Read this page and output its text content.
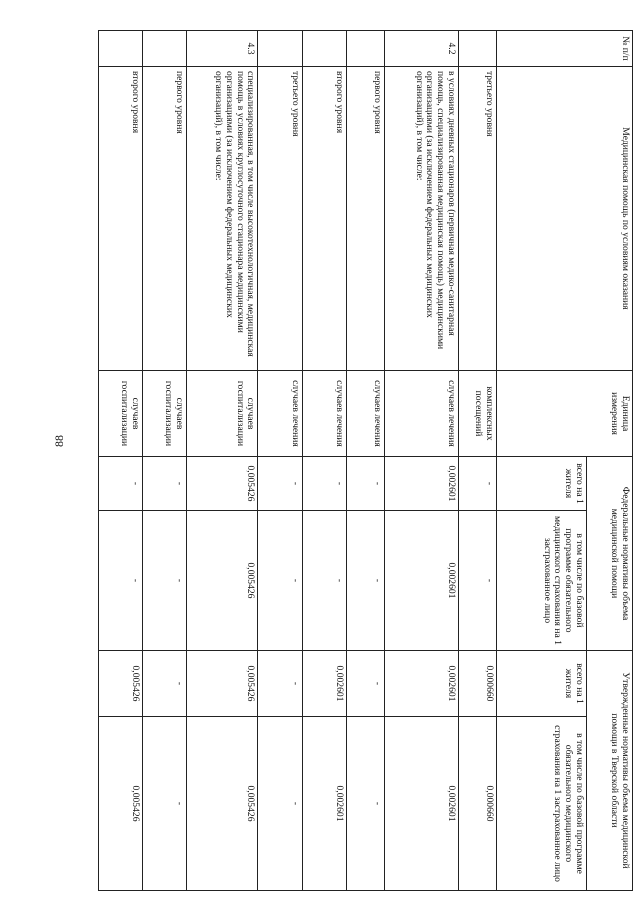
88
№ п/п	Медицинская помощь по условиям оказания	Единица измерения	Федеральные нормативы объема медицинской помощи		Утвержденные нормативы объема медицинской помощи в Тверской области	
			всего на 1 жителя	в том числе по базовой программе обязательного медицинского страхования на 1 застрахованное лицо	всего на 1 жителя	в том числе по базовой программе обязательного медицинского страхования на 1 застрахованное лицо
	третьего уровня	комплексных посещений	-	-	0,000660	0,000660
4.2	в условиях дневных стационаров (первичная медико-санитарная помощь, специализированная медицинская помощь) медицинскими организациями (за исключением федеральных медицинских организаций), в том числе:	случаев лечения	0,002601	0,002601	0,002601	0,002601
	первого уровня	случаев лечения	-	-	-	-
	второго уровня	случаев лечения	-	-	0,002601	0,002601
	третьего уровня	случаев лечения	-	-	-	-
4.3	специализированная, в том числе высокотехнологичная, медицинская помощь в условиях круглосуточного стационара медицинскими организациями (за исключением федеральных медицинских организаций), в том числе:	случаев госпитализации	0,005426	0,005426	0,005426	0,005426
	первого уровня	случаев госпитализации	-	-	-	-
	второго уровня	случаев госпитализации	-	-	0,005426	0,005426
